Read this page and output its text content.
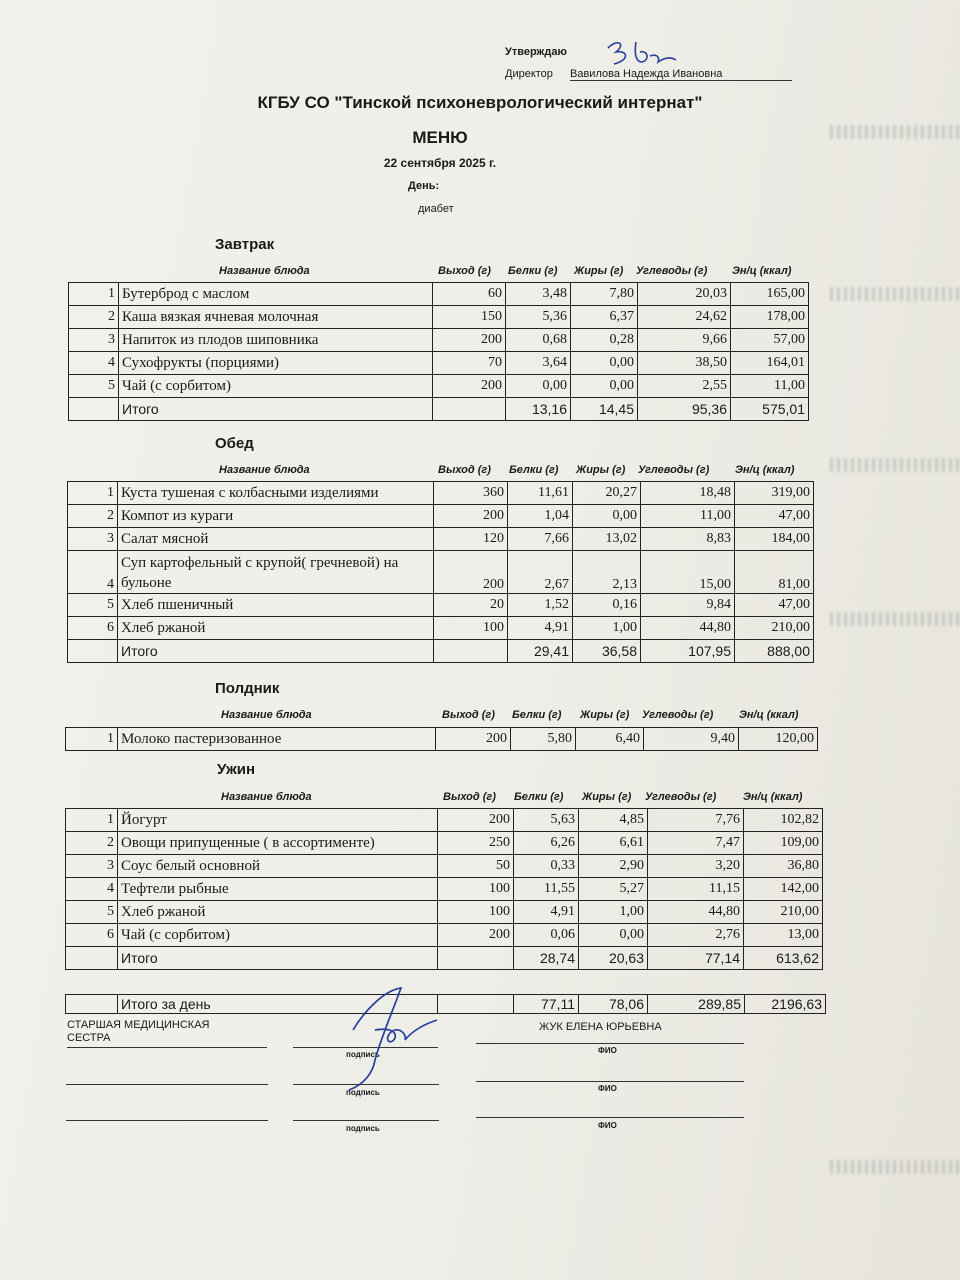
Утверждаю
Директор Вавилова Надежда Ивановна
КГБУ СО "Тинской психоневрологический интернат"
МЕНЮ
22 сентября 2025 г.
День:
диабет
Завтрак
Название блюда	Выход (г) Белки (г) Жиры (г) Углеводы (г) Эн/ц (ккал)
1	Бутерброд с маслом	60	3,48	7,80	20,03	165,00
2	Каша вязкая ячневая молочная	150	5,36	6,37	24,62	178,00
3	Напиток из плодов шиповника	200	0,68	0,28	9,66	57,00
4	Сухофрукты (порциями)	70	3,64	0,00	38,50	164,01
5	Чай (с сорбитом)	200	0,00	0,00	2,55	11,00
	Итого		13,16	14,45	95,36	575,01
Обед
Название блюда	Выход (г) Белки (г) Жиры (г) Углеводы (г) Эн/ц (ккал)
1	Куста тушеная с колбасными изделиями	360	11,61	20,27	18,48	319,00
2	Компот из кураги	200	1,04	0,00	11,00	47,00
3	Салат мясной	120	7,66	13,02	8,83	184,00
4	Суп картофельный с крупой( гречневой) на бульоне	200	2,67	2,13	15,00	81,00
5	Хлеб пшеничный	20	1,52	0,16	9,84	47,00
6	Хлеб ржаной	100	4,91	1,00	44,80	210,00
	Итого		29,41	36,58	107,95	888,00
Полдник
Название блюда	Выход (г) Белки (г) Жиры (г) Углеводы (г) Эн/ц (ккал)
1	Молоко пастеризованное	200	5,80	6,40	9,40	120,00
Ужин
Название блюда	Выход (г) Белки (г) Жиры (г) Углеводы (г) Эн/ц (ккал)
1	Йогурт	200	5,63	4,85	7,76	102,82
2	Овощи припущенные ( в ассортименте)	250	6,26	6,61	7,47	109,00
3	Соус белый основной	50	0,33	2,90	3,20	36,80
4	Тефтели рыбные	100	11,55	5,27	11,15	142,00
5	Хлеб ржаной	100	4,91	1,00	44,80	210,00
6	Чай (с сорбитом)	200	0,06	0,00	2,76	13,00
	Итого		28,74	20,63	77,14	613,62
	Итого за день		77,11	78,06	289,85	2196,63
СТАРШАЯ МЕДИЦИНСКАЯ СЕСТРА
подпись
ЖУК ЕЛЕНА ЮРЬЕВНА
ФИО
подпись	ФИО
подпись	ФИО
